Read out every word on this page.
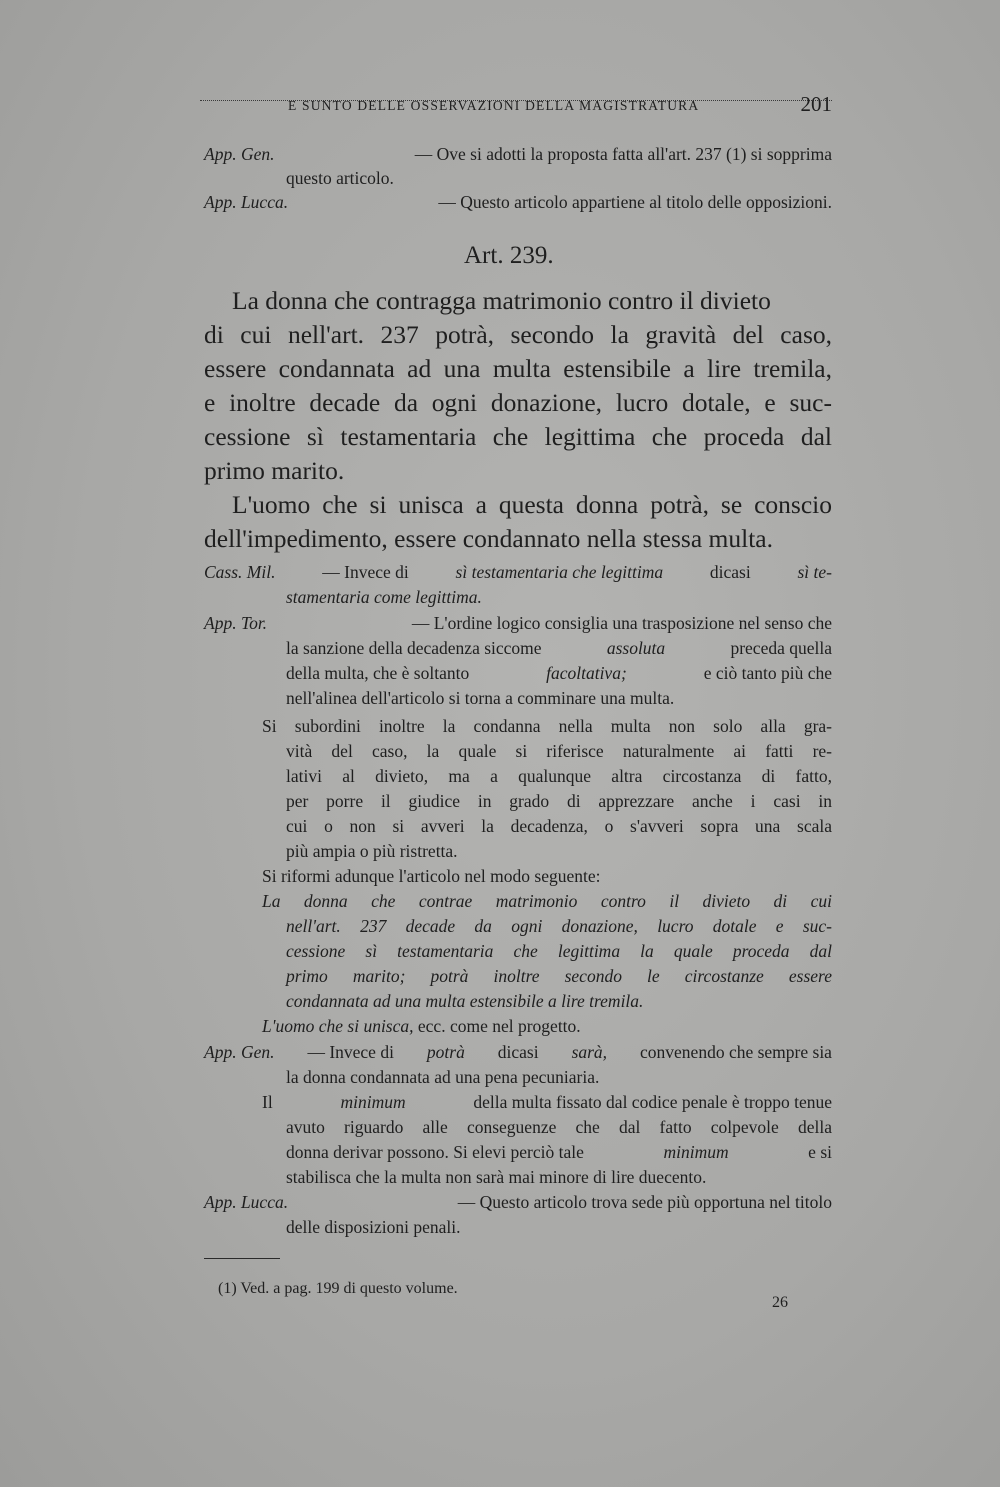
E SUNTO DELLE OSSERVAZIONI DELLA MAGISTRATURA	201
App. Gen.	— Ove si adotti la proposta fatta all'art. 237 (1) si sopprima
questo articolo.
App. Lucca.	— Questo articolo appartiene al titolo delle opposizioni.
Art. 239.
La donna che contragga matrimonio contro il divieto
di cui nell'art. 237 potrà, secondo la gravità del caso,
essere condannata ad una multa estensibile a lire tremila,
e inoltre decade da ogni donazione, lucro dotale, e suc-
cessione sì testamentaria che legittima che proceda dal
primo marito.
L'uomo che si unisca a questa donna potrà, se conscio
dell'impedimento, essere condannato nella stessa multa.
Cass. Mil.	— Invece di	sì testamentaria che legittima	dicasi	sì te-
stamentaria come legittima.
App. Tor.	— L'ordine logico consiglia una trasposizione nel senso che
la sanzione della decadenza siccome	assoluta	preceda quella
della multa, che è soltanto	facoltativa;	e ciò tanto più che
nell'alinea dell'articolo si torna a comminare una multa.
Si subordini inoltre la condanna nella multa non solo alla gra-
vità del caso, la quale si riferisce naturalmente ai fatti re-
lativi al divieto, ma a qualunque altra circostanza di fatto,
per porre il giudice in grado di apprezzare anche i casi in
cui o non si avveri la decadenza, o s'avveri sopra una scala
più ampia o più ristretta.
Si riformi adunque l'articolo nel modo seguente:
La donna che contrae matrimonio contro il divieto di cui
nell'art. 237 decade da ogni donazione, lucro dotale e suc-
cessione sì testamentaria che legittima la quale proceda dal
primo marito; potrà inoltre secondo le circostanze essere
condannata ad una multa estensibile a lire tremila.
L'uomo che si unisca, ecc. come nel progetto.
App. Gen. — Invece di potrà dicasi sarà, convenendo che sempre sia
la donna condannata ad una pena pecuniaria.
Il	minimum	della multa fissato dal codice penale è troppo tenue
avuto riguardo alle conseguenze che dal fatto colpevole della
donna derivar possono. Si elevi perciò tale	minimum	e si
stabilisca che la multa non sarà mai minore di lire duecento.
App. Lucca.	— Questo articolo trova sede più opportuna nel titolo
delle disposizioni penali.
(1) Ved. a pag. 199 di questo volume.
26
